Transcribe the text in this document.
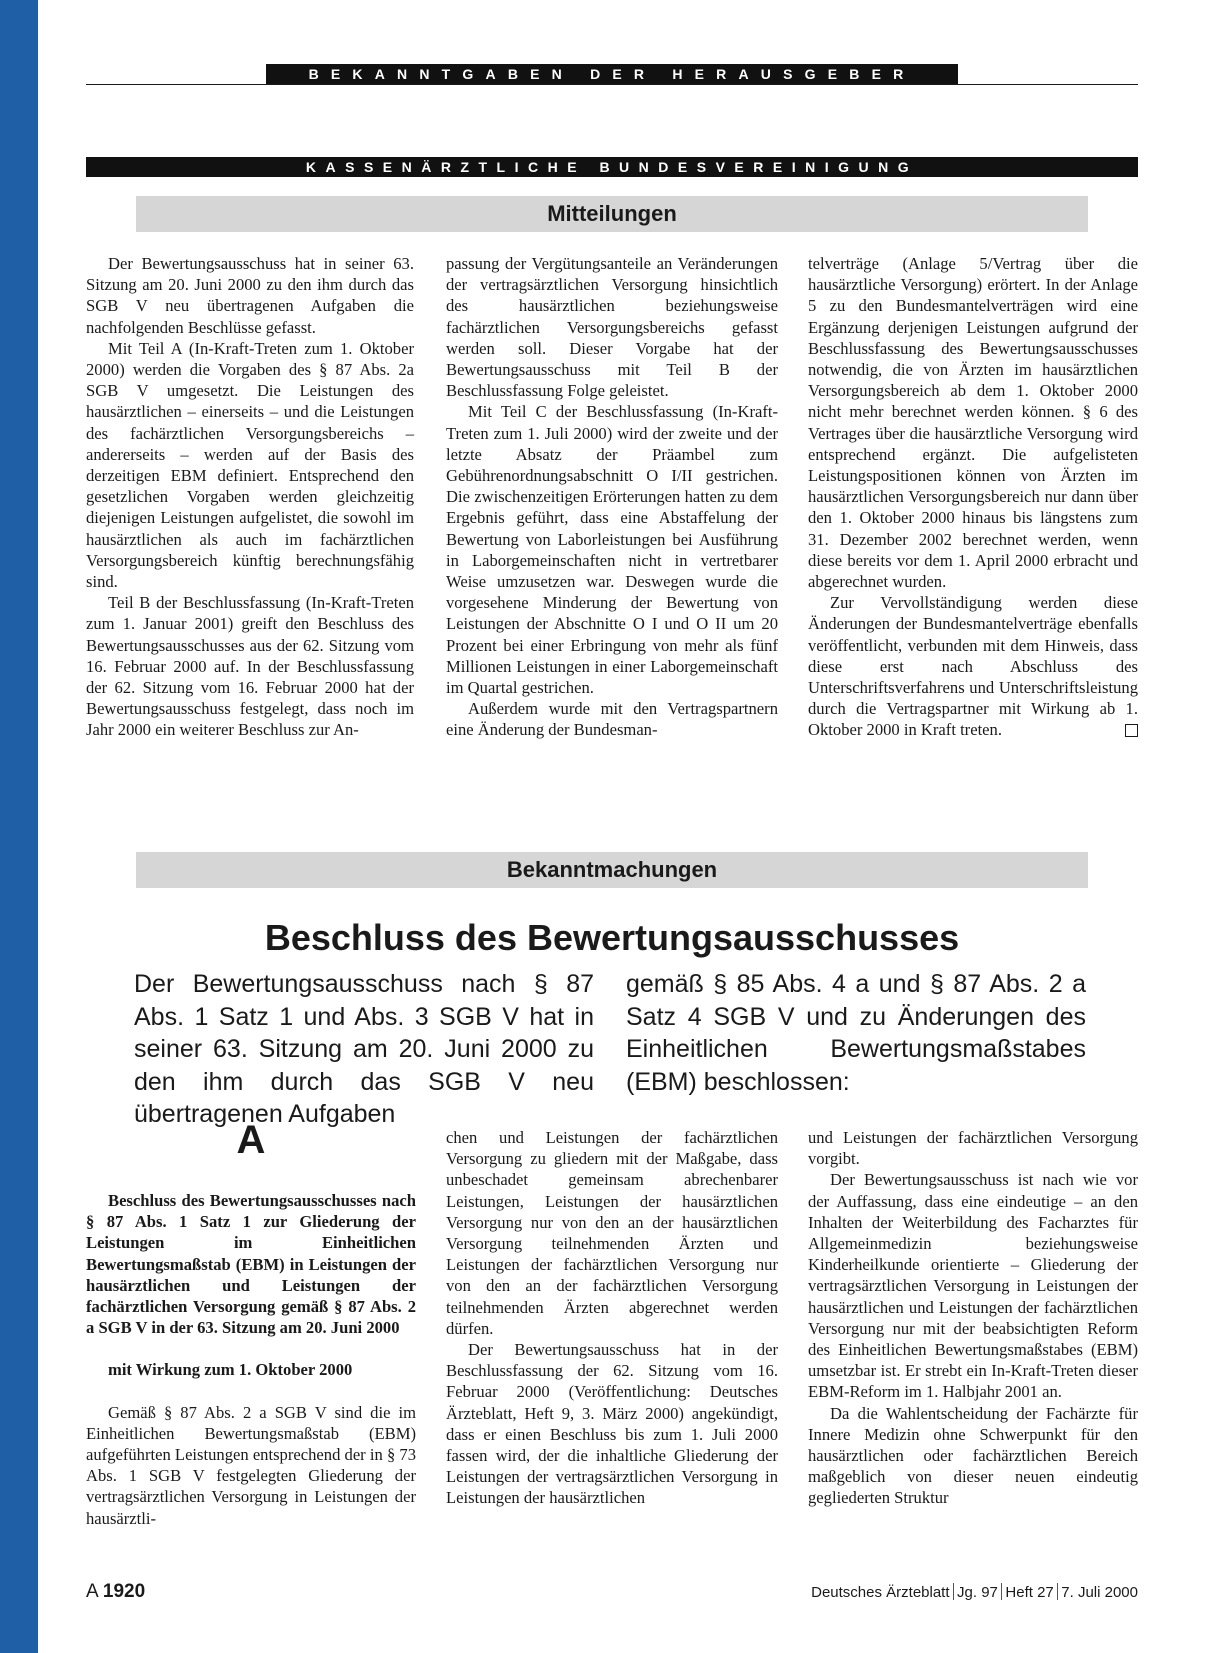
BEKANNTGABEN DER HERAUSGEBER
KASSENÄRZTLICHE BUNDESVEREINIGUNG
Mitteilungen

Der Bewertungsausschuss hat in seiner 63. Sitzung am 20. Juni 2000 zu den ihm durch das SGB V neu übertragenen Aufgaben die nachfolgenden Beschlüsse gefasst.

Mit Teil A (In-Kraft-Treten zum 1. Oktober 2000) werden die Vorgaben des § 87 Abs. 2a SGB V umgesetzt. Die Leistungen des hausärztlichen – einerseits – und die Leistungen des fachärztlichen Versorgungsbereichs – andererseits – werden auf der Basis des derzeitigen EBM definiert. Entsprechend den gesetzlichen Vorgaben werden gleichzeitig diejenigen Leistungen aufgelistet, die sowohl im hausärztlichen als auch im fachärztlichen Versorgungsbereich künftig berechnungsfähig sind.

Teil B der Beschlussfassung (In-Kraft-Treten zum 1. Januar 2001) greift den Beschluss des Bewertungsausschusses aus der 62. Sitzung vom 16. Februar 2000 auf. In der Beschlussfassung der 62. Sitzung vom 16. Februar 2000 hat der Bewertungsausschuss festgelegt, dass noch im Jahr 2000 ein weiterer Beschluss zur An-

passung der Vergütungsanteile an Veränderungen der vertragsärztlichen Versorgung hinsichtlich des hausärztlichen beziehungsweise fachärztlichen Versorgungsbereichs gefasst werden soll. Dieser Vorgabe hat der Bewertungsausschuss mit Teil B der Beschlussfassung Folge geleistet.

Mit Teil C der Beschlussfassung (In-Kraft-Treten zum 1. Juli 2000) wird der zweite und der letzte Absatz der Präambel zum Gebührenordnungsabschnitt O I/II gestrichen. Die zwischenzeitigen Erörterungen hatten zu dem Ergebnis geführt, dass eine Abstaffelung der Bewertung von Laborleistungen bei Ausführung in Laborgemeinschaften nicht in vertretbarer Weise umzusetzen war. Deswegen wurde die vorgesehene Minderung der Bewertung von Leistungen der Abschnitte O I und O II um 20 Prozent bei einer Erbringung von mehr als fünf Millionen Leistungen in einer Laborgemeinschaft im Quartal gestrichen.

Außerdem wurde mit den Vertragspartnern eine Änderung der Bundesman-

telverträge (Anlage 5/Vertrag über die hausärztliche Versorgung) erörtert. In der Anlage 5 zu den Bundesmantelverträgen wird eine Ergänzung derjenigen Leistungen aufgrund der Beschlussfassung des Bewertungsausschusses notwendig, die von Ärzten im hausärztlichen Versorgungsbereich ab dem 1. Oktober 2000 nicht mehr berechnet werden können. § 6 des Vertrages über die hausärztliche Versorgung wird entsprechend ergänzt. Die aufgelisteten Leistungspositionen können von Ärzten im hausärztlichen Versorgungsbereich nur dann über den 1. Oktober 2000 hinaus bis längstens zum 31. Dezember 2002 berechnet werden, wenn diese bereits vor dem 1. April 2000 erbracht und abgerechnet wurden.

Zur Vervollständigung werden diese Änderungen der Bundesmantelverträge ebenfalls veröffentlicht, verbunden mit dem Hinweis, dass diese erst nach Abschluss des Unterschriftsverfahrens und Unterschriftsleistung durch die Vertragspartner mit Wirkung ab 1. Oktober 2000 in Kraft treten.

Bekanntmachungen
Beschluss des Bewertungsausschusses
Der Bewertungsausschuss nach § 87 Abs. 1 Satz 1 und Abs. 3 SGB V hat in seiner 63. Sitzung am 20. Juni 2000 zu den ihm durch das SGB V neu übertragenen Aufgaben
gemäß § 85 Abs. 4 a und § 87 Abs. 2 a Satz 4 SGB V und zu Änderungen des Einheitlichen Bewertungsmaßstabes (EBM) beschlossen:
A

Beschluss des Bewertungsausschusses nach § 87 Abs. 1 Satz 1 zur Gliederung der Leistungen im Einheitlichen Bewertungsmaßstab (EBM) in Leistungen der hausärztlichen und Leistungen der fachärztlichen Versorgung gemäß § 87 Abs. 2 a SGB V in der 63. Sitzung am 20. Juni 2000

mit Wirkung zum 1. Oktober 2000

Gemäß § 87 Abs. 2 a SGB V sind die im Einheitlichen Bewertungsmaßstab (EBM) aufgeführten Leistungen entsprechend der in § 73 Abs. 1 SGB V festgelegten Gliederung der vertragsärztlichen Versorgung in Leistungen der hausärztli-

chen und Leistungen der fachärztlichen Versorgung zu gliedern mit der Maßgabe, dass unbeschadet gemeinsam abrechenbarer Leistungen, Leistungen der hausärztlichen Versorgung nur von den an der hausärztlichen Versorgung teilnehmenden Ärzten und Leistungen der fachärztlichen Versorgung nur von den an der fachärztlichen Versorgung teilnehmenden Ärzten abgerechnet werden dürfen.

Der Bewertungsausschuss hat in der Beschlussfassung der 62. Sitzung vom 16. Februar 2000 (Veröffentlichung: Deutsches Ärzteblatt, Heft 9, 3. März 2000) angekündigt, dass er einen Beschluss bis zum 1. Juli 2000 fassen wird, der die inhaltliche Gliederung der Leistungen der vertragsärztlichen Versorgung in Leistungen der hausärztlichen

und Leistungen der fachärztlichen Versorgung vorgibt.

Der Bewertungsausschuss ist nach wie vor der Auffassung, dass eine eindeutige – an den Inhalten der Weiterbildung des Facharztes für Allgemeinmedizin beziehungsweise Kinderheilkunde orientierte – Gliederung der vertragsärztlichen Versorgung in Leistungen der hausärztlichen und Leistungen der fachärztlichen Versorgung nur mit der beabsichtigten Reform des Einheitlichen Bewertungsmaßstabes (EBM) umsetzbar ist. Er strebt ein In-Kraft-Treten dieser EBM-Reform im 1. Halbjahr 2001 an.

Da die Wahlentscheidung der Fachärzte für Innere Medizin ohne Schwerpunkt für den hausärztlichen oder fachärztlichen Bereich maßgeblich von dieser neuen eindeutig gegliederten Struktur

A 1920	Deutsches Ärzteblatt Jg. 97 Heft 27 7. Juli 2000
